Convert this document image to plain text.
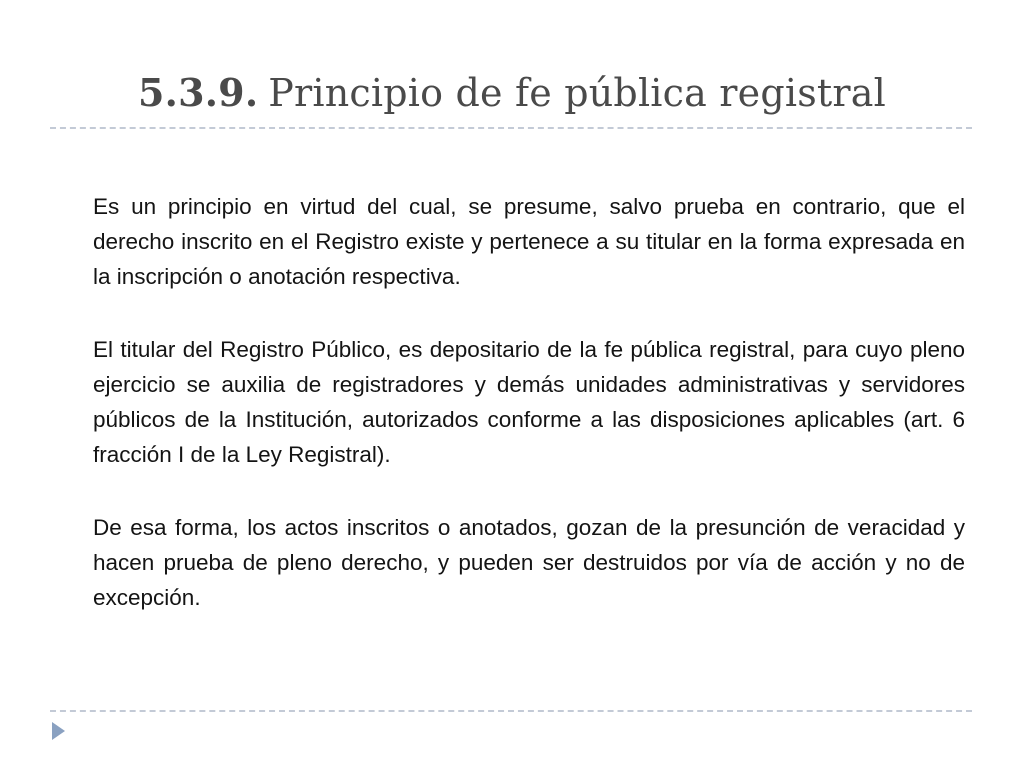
5.3.9. Principio de fe pública registral

Es un principio en virtud del cual, se presume, salvo prueba en contrario, que el derecho inscrito en el Registro existe y pertenece a su titular en la forma expresada en la inscripción o anotación respectiva.

El titular del Registro Público, es depositario de la fe pública registral, para cuyo pleno ejercicio se auxilia de registradores y demás unidades administrativas y servidores públicos de la Institución, autorizados conforme a las disposiciones aplicables (art. 6 fracción I de la Ley Registral).

De esa forma, los actos inscritos o anotados, gozan de la presunción de veracidad y hacen prueba de pleno derecho, y pueden ser destruidos por vía de acción y no de excepción.
